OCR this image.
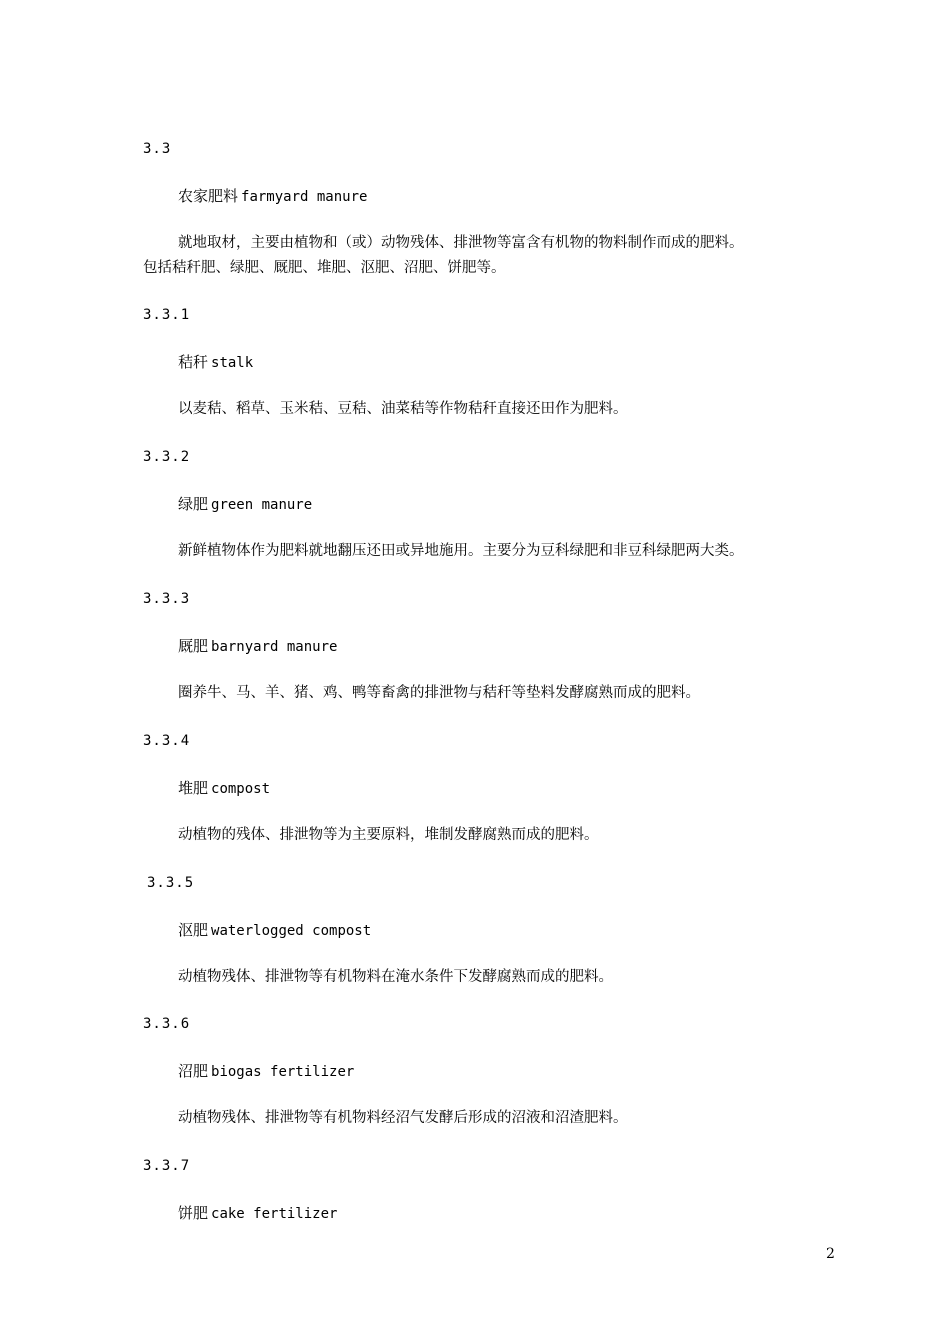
3.3
农家肥料 farmyard manure
就地取材，主要由植物和（或）动物残体、排泄物等富含有机物的物料制作而成的肥料。
包括秸秆肥、绿肥、厩肥、堆肥、沤肥、沼肥、饼肥等。
3.3.1
秸秆 stalk
以麦秸、稻草、玉米秸、豆秸、油菜秸等作物秸秆直接还田作为肥料。
3.3.2
绿肥 green manure
新鲜植物体作为肥料就地翻压还田或异地施用。主要分为豆科绿肥和非豆科绿肥两大类。
3.3.3
厩肥 barnyard manure
圈养牛、马、羊、猪、鸡、鸭等畜禽的排泄物与秸秆等垫料发酵腐熟而成的肥料。
3.3.4
堆肥 compost
动植物的残体、排泄物等为主要原料，堆制发酵腐熟而成的肥料。
3.3.5
沤肥 waterlogged compost
动植物残体、排泄物等有机物料在淹水条件下发酵腐熟而成的肥料。
3.3.6
沼肥 biogas fertilizer
动植物残体、排泄物等有机物料经沼气发酵后形成的沼液和沼渣肥料。
3.3.7
饼肥 cake fertilizer
2
